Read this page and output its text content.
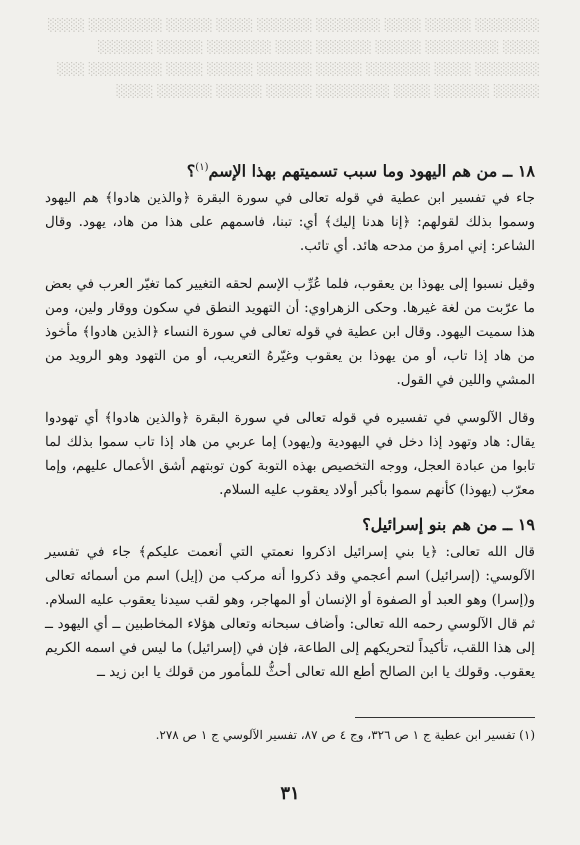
░░░░░░░ ░░░░░ ░░░░ ░░░░░░░ ░░░░░░ ░░░░ ░░░░░ ░░░░░░░░ ░░░░
░░░░ ░░░░░░░░ ░░░░░ ░░░░░░ ░░░░ ░░░░░░░ ░░░░░ ░░░░░░
░░░░░░░ ░░░░ ░░░░░░░ ░░░░░ ░░░░░░ ░░░░░ ░░░░ ░░░░░░░░ ░░░
░░░░░ ░░░░░░ ░░░░ ░░░░░░░░ ░░░░░ ░░░░░ ░░░░░░ ░░░░
١٨ ــ من هم اليهود وما سبب تسميتهم بهذا الإسم$^{(١)}$؟

جاء في تفسير ابن عطية في قوله تعالى في سورة البقرة ﴿والذين هادوا﴾ هم اليهود وسموا بذلك لقولهم: ﴿إنا هدنا إليك﴾ أي: تبنا، فاسمهم على هذا من هاد، يهود. وقال الشاعر: إني امرؤ من مدحه هائد. أي تائب.

وقيل نسبوا إلى يهوذا بن يعقوب، فلما عُرِّب الإسم لحقه التغيير كما تغيّر العرب في بعض ما عرّبت من لغة غيرها. وحكى الزهراوي: أن التهويد النطق في سكون ووقار ولين، ومن هذا سميت اليهود. وقال ابن عطية في قوله تعالى في سورة النساء ﴿الذين هادوا﴾ مأخوذ من هاد إذا تاب، أو من يهوذا بن يعقوب وغيّرهُ التعريب، أو من التهود وهو الرويد من المشي واللين في القول.

وقال الآلوسي في تفسيره في قوله تعالى في سورة البقرة ﴿والذين هادوا﴾ أي تهودوا يقال: هاد وتهود إذا دخل في اليهودية و(يهود) إما عربي من هاد إذا تاب سموا بذلك لما تابوا من عبادة العجل، ووجه التخصيص بهذه التوبة كون توبتهم أشق الأعمال عليهم، وإما معرّب (يهوذا) كأنهم سموا بأكبر أولاد يعقوب عليه السلام.

١٩ ــ من هم بنو إسرائيل؟

قال الله تعالى: ﴿يا بني إسرائيل اذكروا نعمتي التي أنعمت عليكم﴾ جاء في تفسير الآلوسي: (إسرائيل) اسم أعجمي وقد ذكروا أنه مركب من (إيل) اسم من أسمائه تعالى و(إسرا) وهو العبد أو الصفوة أو الإنسان أو المهاجر، وهو لقب سيدنا يعقوب عليه السلام. ثم قال الآلوسي رحمه الله تعالى: وأضاف سبحانه وتعالى هؤلاء المخاطبين ــ أي اليهود ــ إلى هذا اللقب، تأكيداً لتحريكهم إلى الطاعة، فإن في (إسرائيل) ما ليس في اسمه الكريم يعقوب. وقولك يا ابن الصالح أطع الله تعالى أحثُّ للمأمور من قولك يا ابن زيد ــ

(١) تفسير ابن عطية ج ١ ص ٣٢٦، وج ٤ ص ٨٧، تفسير الآلوسي ج ١ ص ٢٧٨.
٣١
